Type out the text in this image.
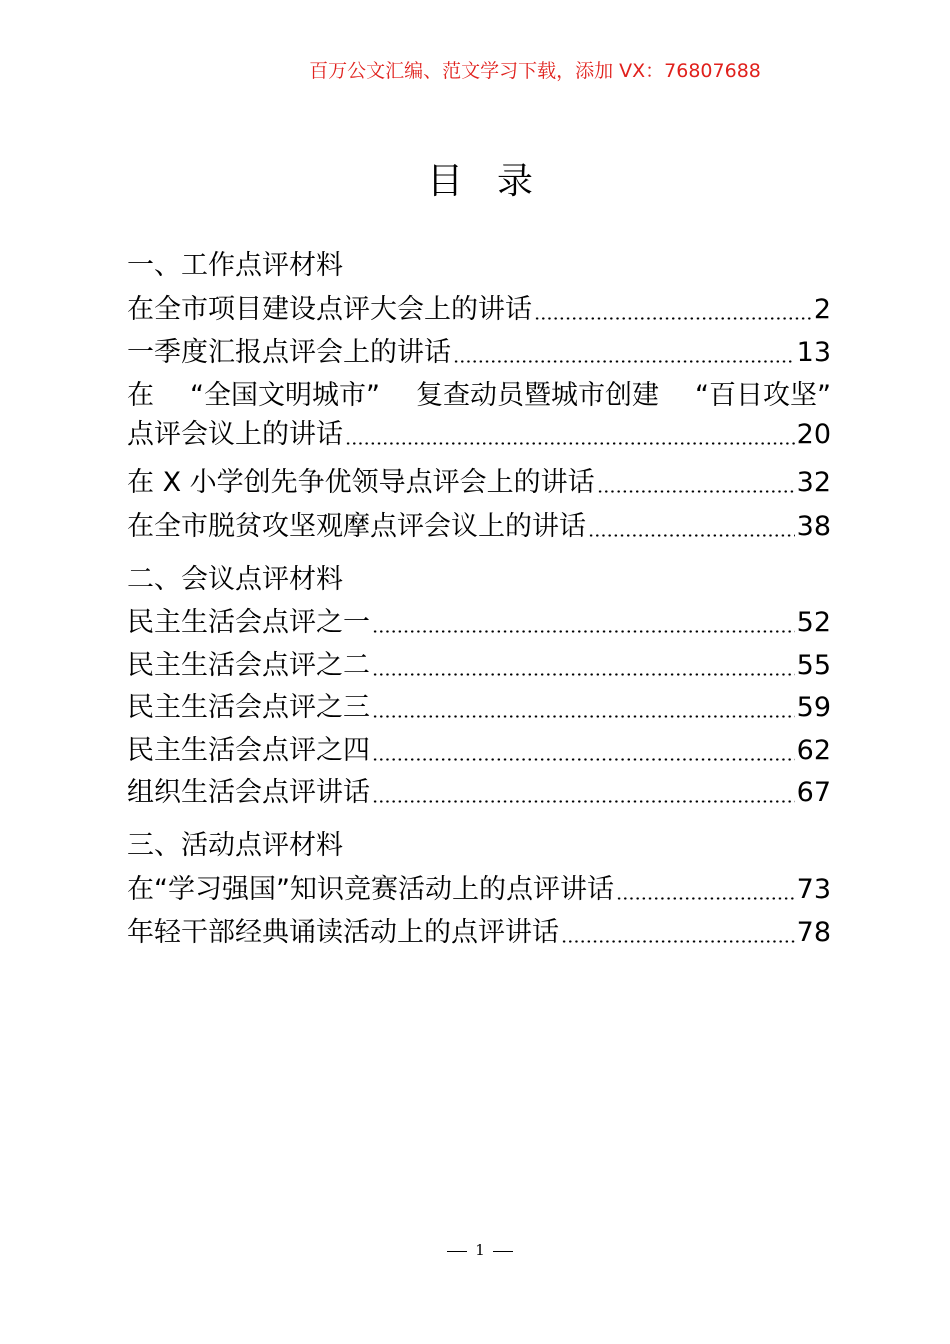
百万公文汇编、范文学习下载，添加 VX：76807688
目录
一、工作点评材料
在全市项目建设点评大会上的讲话	2
一季度汇报点评会上的讲话	13
在 “全国文明城市” 复查动员暨城市创建 “百日攻坚”
点评会议上的讲话	20
在 X 小学创先争优领导点评会上的讲话	32
在全市脱贫攻坚观摩点评会议上的讲话	38
二、会议点评材料
民主生活会点评之一	52
民主生活会点评之二	55
民主生活会点评之三	59
民主生活会点评之四	62
组织生活会点评讲话	67
三、活动点评材料
在“学习强国”知识竞赛活动上的点评讲话	73
年轻干部经典诵读活动上的点评讲话	78
1
